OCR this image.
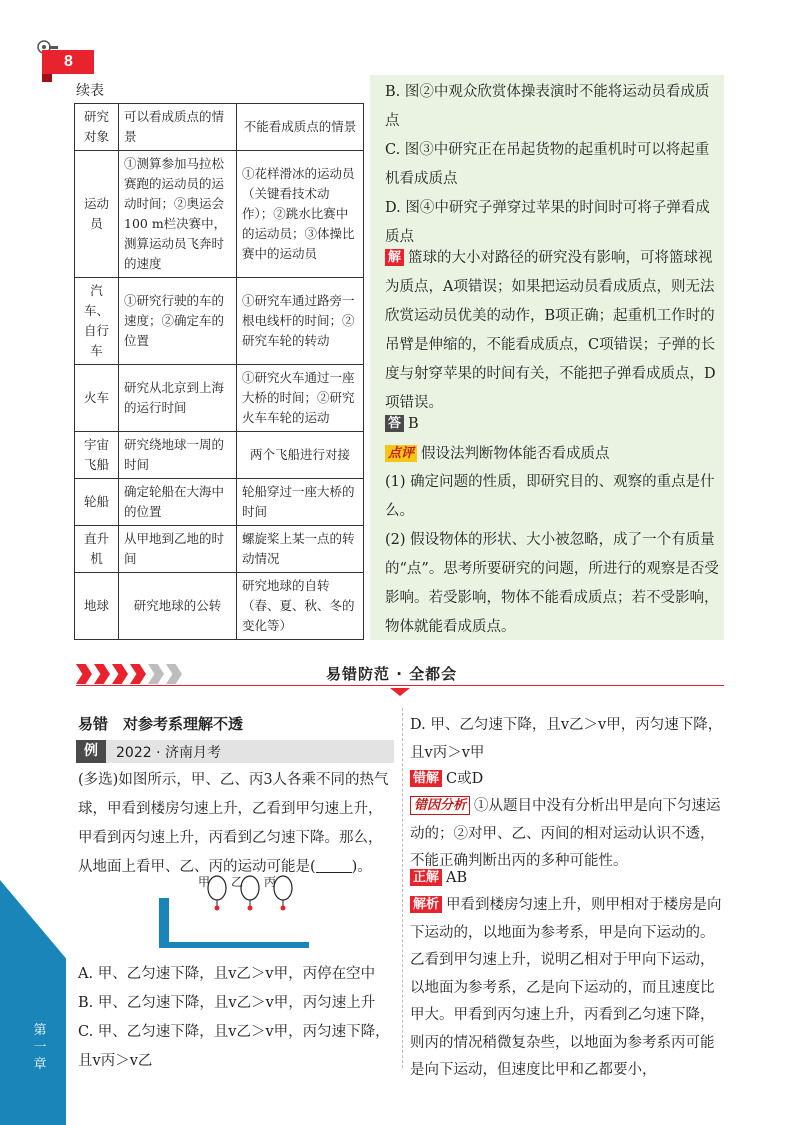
8
第一章
续表
研究对象	可以看成质点的情景	不能看成质点的情景
运动员	①测算参加马拉松赛跑的运动员的运动时间；②奥运会100 m栏决赛中，测算运动员飞奔时的速度	①花样滑冰的运动员（关键看技术动作）；②跳水比赛中的运动员；③体操比赛中的运动员
汽车、自行车	①研究行驶的车的速度；②确定车的位置	①研究车通过路旁一根电线杆的时间；②研究车轮的转动
火车	研究从北京到上海的运行时间	①研究火车通过一座大桥的时间；②研究火车车轮的运动
宇宙飞船	研究绕地球一周的时间	两个飞船进行对接
轮船	确定轮船在大海中的位置	轮船穿过一座大桥的时间
直升机	从甲地到乙地的时间	螺旋桨上某一点的转动情况
地球	研究地球的公转	研究地球的自转（春、夏、秋、冬的变化等）
B. 图②中观众欣赏体操表演时不能将运动员看成质点
C. 图③中研究正在吊起货物的起重机时可以将起重机看成质点
D. 图④中研究子弹穿过苹果的时间时可将子弹看成质点
解 篮球的大小对路径的研究没有影响，可将篮球视为质点，A项错误；如果把运动员看成质点，则无法欣赏运动员优美的动作，B项正确；起重机工作时的吊臂是伸缩的，不能看成质点，C项错误；子弹的长度与射穿苹果的时间有关，不能把子弹看成质点，D项错误。
答 B
点评 假设法判断物体能否看成质点
(1) 确定问题的性质，即研究目的、观察的重点是什么。
(2) 假设物体的形状、大小被忽略，成了一个有质量的“点”。思考所要研究的问题，所进行的观察是否受影响。若受影响，物体不能看成质点；若不受影响，物体就能看成质点。
易错防范 · 全都会
易错　对参考系理解不透
例	2022 · 济南月考
(多选)如图所示，甲、乙、丙3人各乘不同的热气球，甲看到楼房匀速上升，乙看到甲匀速上升，甲看到丙匀速上升，丙看到乙匀速下降。那么，从地面上看甲、乙、丙的运动可能是( )。
甲 乙 丙
A. 甲、乙匀速下降，且v乙＞v甲，丙停在空中
B. 甲、乙匀速下降，且v乙＞v甲，丙匀速上升
C. 甲、乙匀速下降，且v乙＞v甲，丙匀速下降，且v丙＞v乙
D. 甲、乙匀速下降，且v乙＞v甲，丙匀速下降，且v丙＞v甲
错解 C或D
错因分析 ①从题目中没有分析出甲是向下匀速运动的；②对甲、乙、丙间的相对运动认识不透，不能正确判断出丙的多种可能性。
正解 AB
解析 甲看到楼房匀速上升，则甲相对于楼房是向下运动的，以地面为参考系，甲是向下运动的。乙看到甲匀速上升，说明乙相对于甲向下运动，以地面为参考系，乙是向下运动的，而且速度比甲大。甲看到丙匀速上升，丙看到乙匀速下降，则丙的情况稍微复杂些，以地面为参考系丙可能是向下运动，但速度比甲和乙都要小，
